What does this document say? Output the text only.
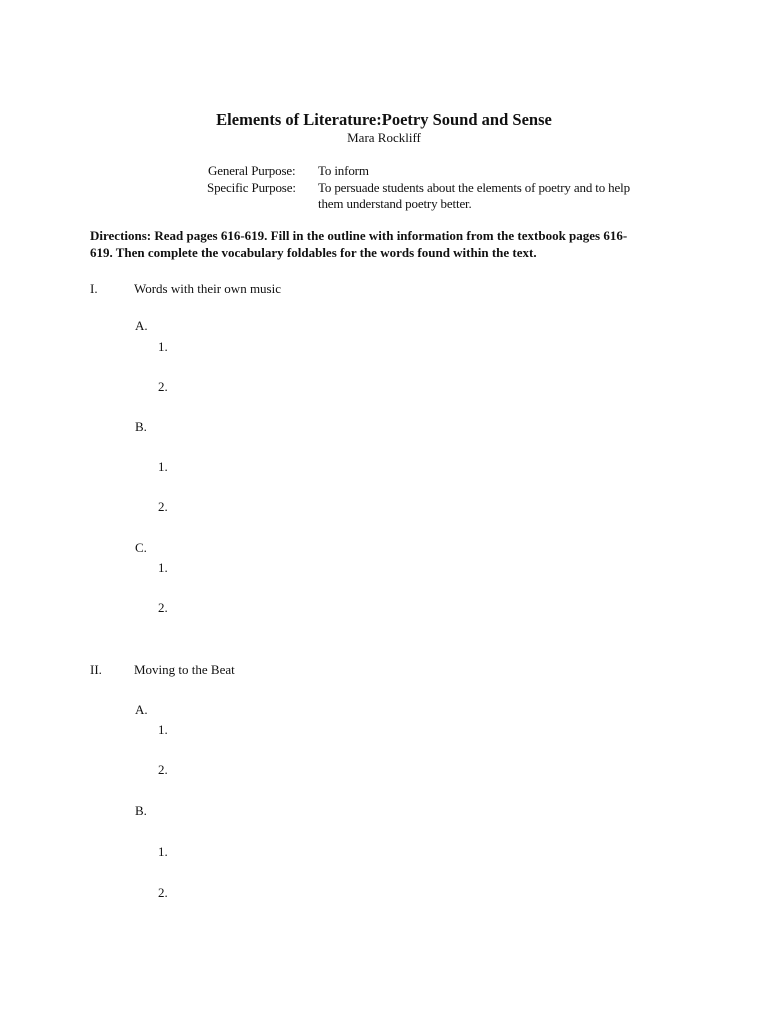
Elements of Literature:Poetry Sound and Sense
Mara Rockliff
General Purpose: To inform
Specific Purpose: To persuade students about the elements of poetry and to help
them understand poetry better.
Directions: Read pages 616-619. Fill in the outline with information from the textbook pages 616-
619. Then complete the vocabulary foldables for the words found within the text.
I.	Words with their own music
A.
1.
2.
B.
1.
2.
C.
1.
2.
II. Moving to the Beat
A.
1.
2.
B.
1.
2.
